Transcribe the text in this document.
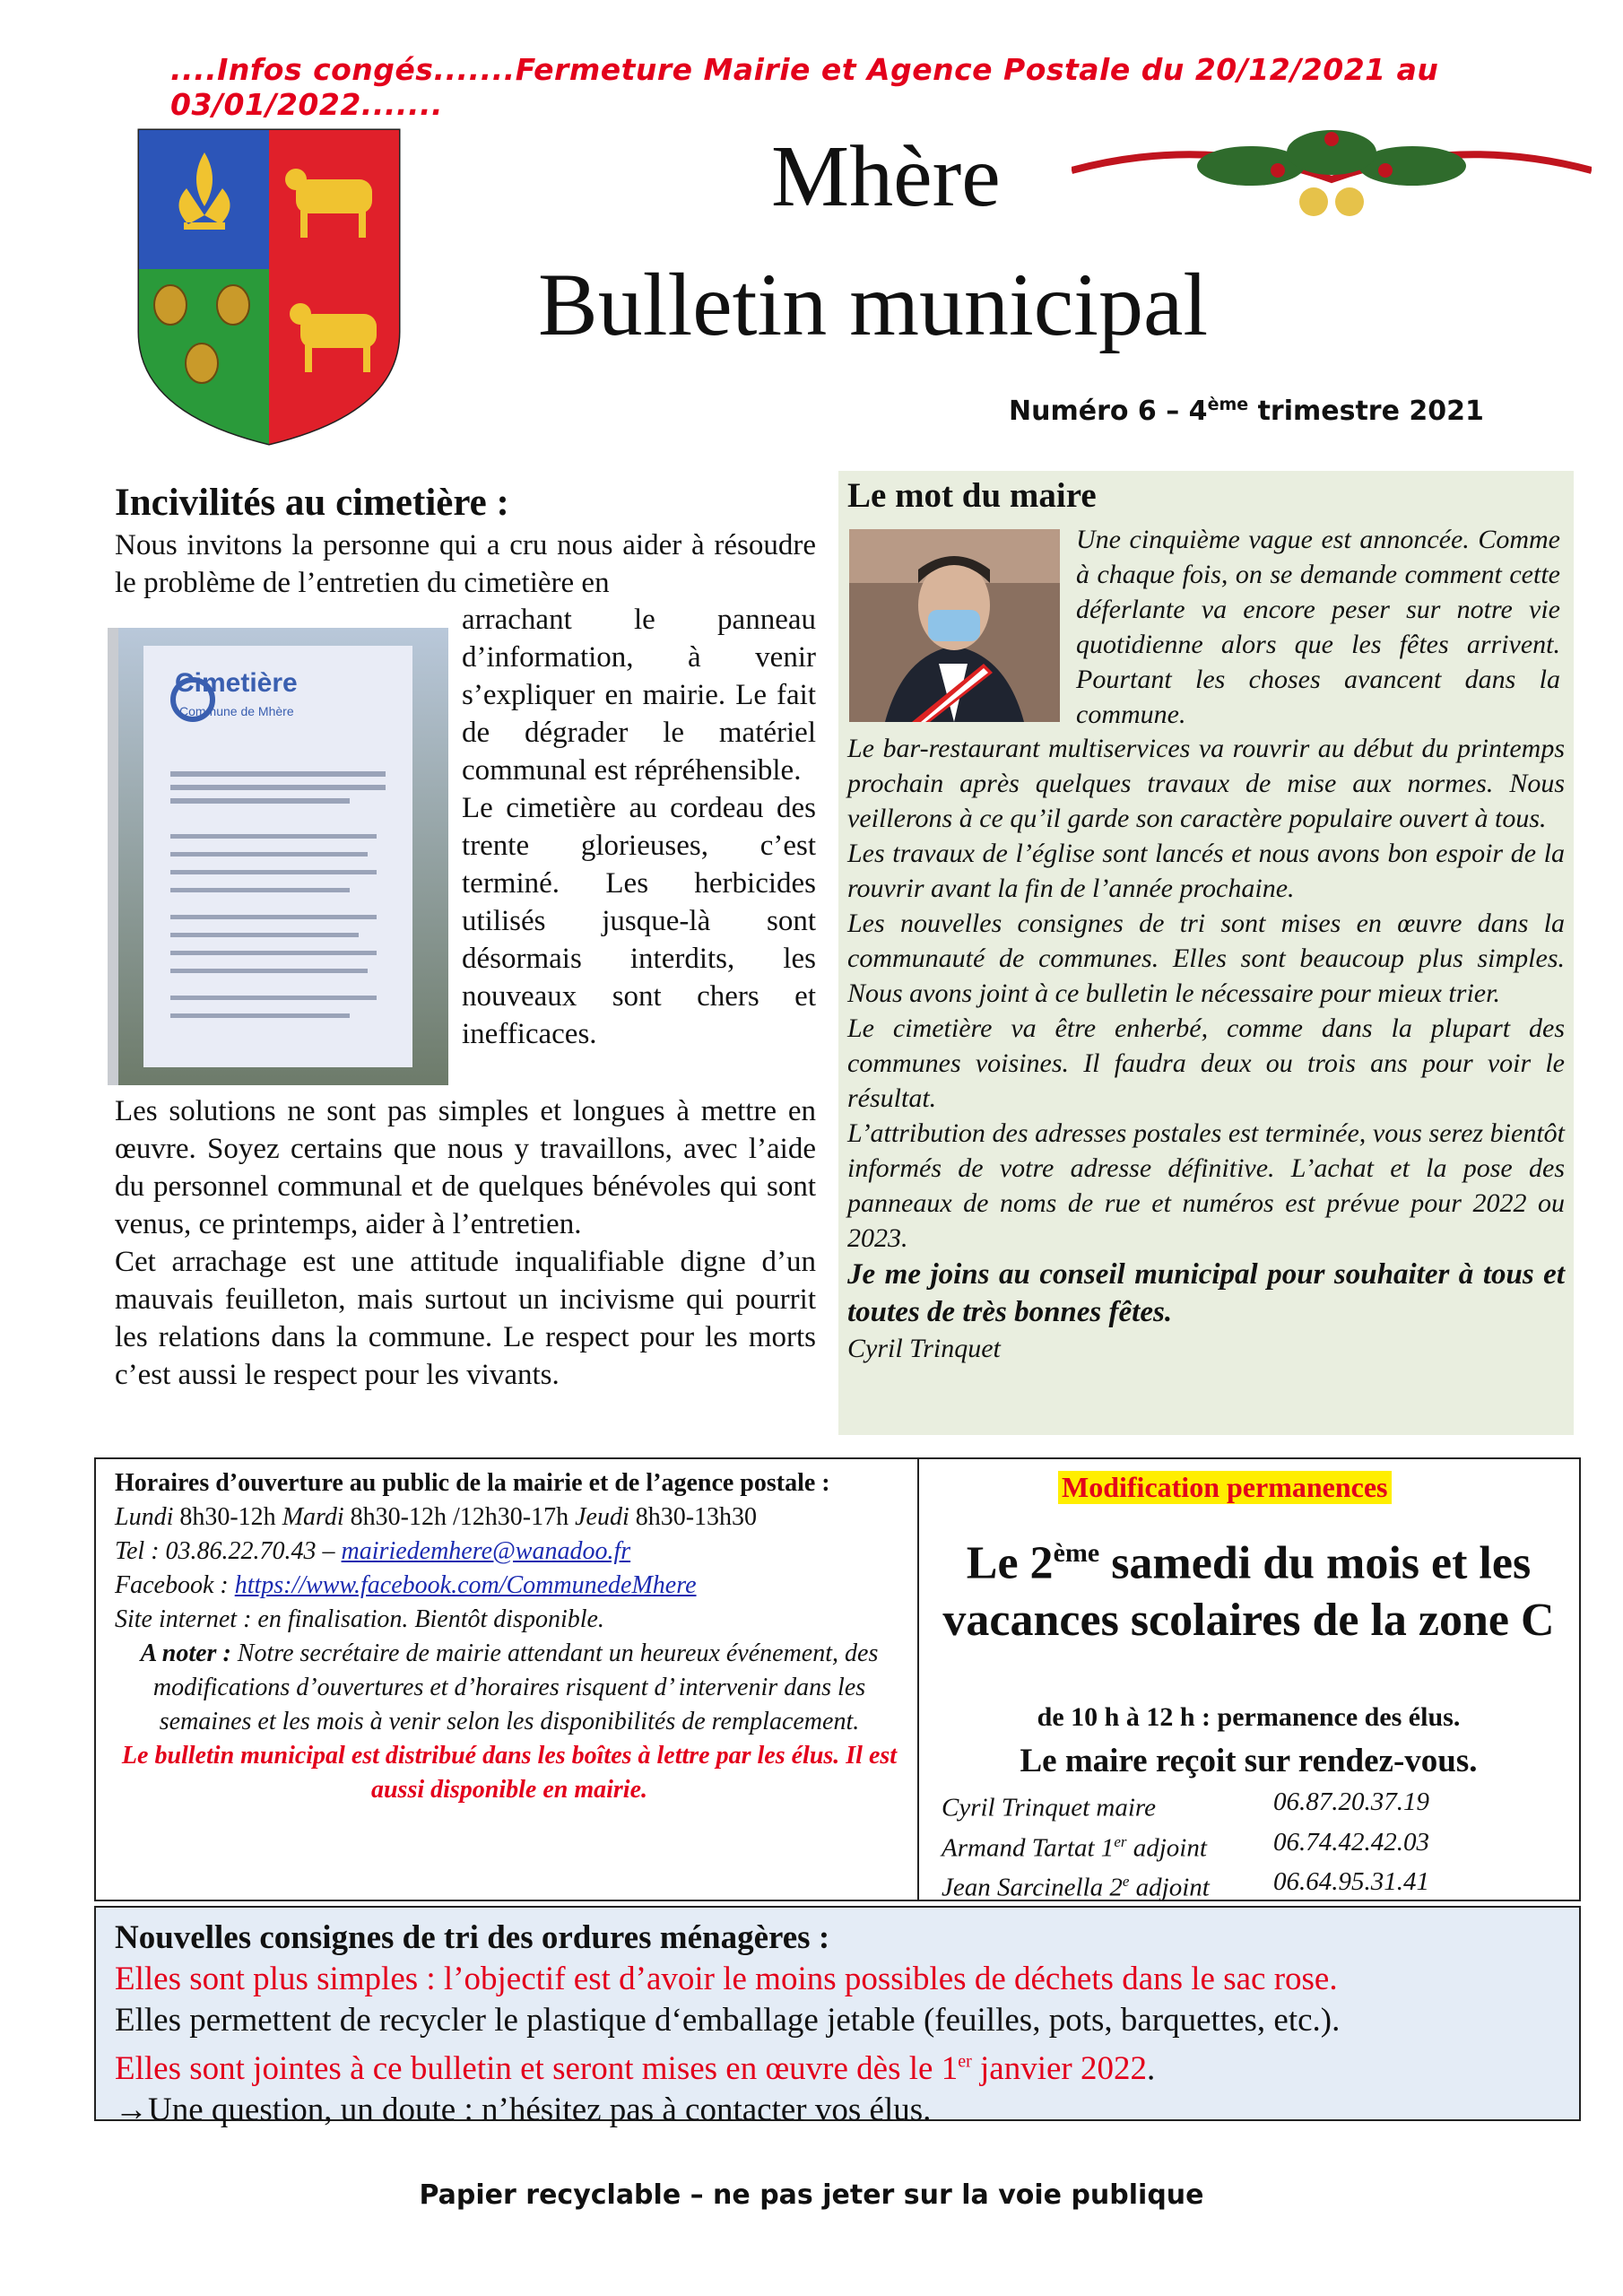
....Infos congés.......Fermeture Mairie et Agence Postale du 20/12/2021 au 03/01/2022.......
Mhère
Bulletin municipal
Numéro 6 – 4ème trimestre 2021
Incivilités au cimetière :

Nous invitons la personne qui a cru nous aider à résoudre le problème de l’entretien du cimetière en

Cimetière
Commune de Mhère

arrachant le panneau d’information, à venir s’expliquer en mairie. Le fait de dégrader le matériel communal est répréhensible.

Le cimetière au cordeau des trente glorieuses, c’est terminé. Les herbicides utilisés jusque-là sont désormais interdits, les nouveaux sont chers et inefficaces.

Les solutions ne sont pas simples et longues à mettre en œuvre. Soyez certains que nous y travaillons, avec l’aide du personnel communal et de quelques bénévoles qui sont venus, ce printemps, aider à l’entretien.

Cet arrachage est une attitude inqualifiable digne d’un mauvais feuilleton, mais surtout un incivisme qui pourrit les relations dans la commune. Le respect pour les morts c’est aussi le respect pour les vivants.

Le mot du maire
Une cinquième vague est annoncée. Comme à chaque fois, on se demande comment cette déferlante va encore peser sur notre vie quotidienne alors que les fêtes arrivent. Pourtant les choses avancent dans la commune.

Le bar-restaurant multiservices va rouvrir au début du printemps prochain après quelques travaux de mise aux normes. Nous veillerons à ce qu’il garde son caractère populaire ouvert à tous.

Les travaux de l’église sont lancés et nous avons bon espoir de la rouvrir avant la fin de l’année prochaine.

Les nouvelles consignes de tri sont mises en œuvre dans la communauté de communes. Elles sont beaucoup plus simples. Nous avons joint à ce bulletin le nécessaire pour mieux trier.

Le cimetière va être enherbé, comme dans la plupart des communes voisines. Il faudra deux ou trois ans pour voir le résultat.

L’attribution des adresses postales est terminée, vous serez bientôt informés de votre adresse définitive. L’achat et la pose des panneaux de noms de rue et numéros est prévue pour 2022 ou 2023.

Je me joins au conseil municipal pour souhaiter à tous et toutes de très bonnes fêtes.

Cyril Trinquet

Horaires d’ouverture au public de la mairie et de l’agence postale :
Lundi 8h30-12h Mardi 8h30-12h /12h30-17h Jeudi 8h30-13h30
Tel : 03.86.22.70.43 – mairiedemhere@wanadoo.fr
Facebook : https://www.facebook.com/CommunedeMhere
Site internet : en finalisation. Bientôt disponible.
A noter : Notre secrétaire de mairie attendant un heureux événement, des modifications d’ouvertures et d’horaires risquent d’ intervenir dans les semaines et les mois à venir selon les disponibilités de remplacement.
Le bulletin municipal est distribué dans les boîtes à lettre par les élus. Il est aussi disponible en mairie.
Modification permanences
Le 2ème samedi du mois et les vacances scolaires de la zone C
de 10 h à 12 h : permanence des élus.
Le maire reçoit sur rendez-vous.
Cyril Trinquet maire	06.87.20.37.19
Armand Tartat 1er adjoint	06.74.42.42.03
Jean Sarcinella 2e adjoint	06.64.95.31.41
Nouvelles consignes de tri des ordures ménagères :
Elles sont plus simples : l’objectif est d’avoir le moins possibles de déchets dans le sac rose.
Elles permettent de recycler le plastique d‘emballage jetable (feuilles, pots, barquettes, etc.).
Elles sont jointes à ce bulletin et seront mises en œuvre dès le 1er janvier 2022.
→Une question, un doute : n’hésitez pas à contacter vos élus.
Papier recyclable – ne pas jeter sur la voie publique
